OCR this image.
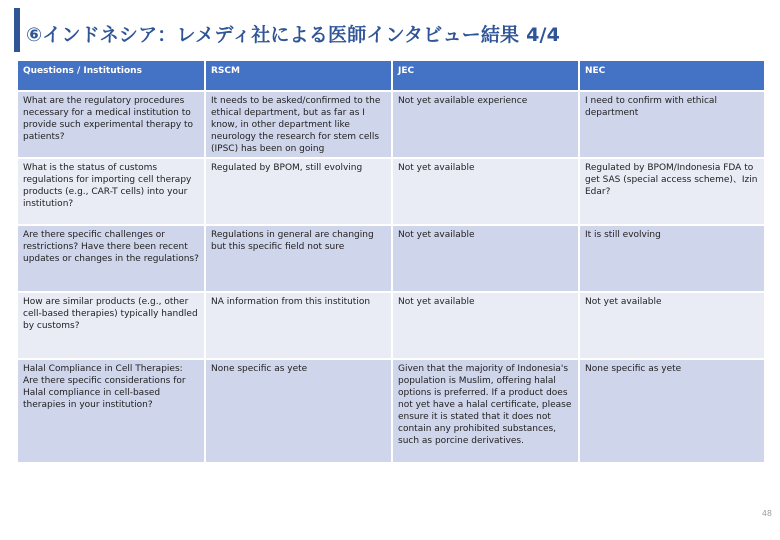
⑥インドネシア：レメディ社による医師インタビュー結果 4/4
Questions / Institutions	RSCM	JEC	NEC
What are the regulatory procedures necessary for a medical institution to provide such experimental therapy to patients?	It needs to be asked/confirmed to the ethical department, but as far as I know, in other department like neurology the research for stem cells (IPSC) has been on going	Not yet available experience	I need to confirm with ethical department
What is the status of customs regulations for importing cell therapy products (e.g., CAR-T cells) into your institution?	Regulated by BPOM, still evolving	Not yet available	Regulated by BPOM/Indonesia FDA to get SAS (special access scheme)、Izin Edar?
Are there specific challenges or restrictions? Have there been recent updates or changes in the regulations?	Regulations in general are changing but this specific field not sure	Not yet available	It is still evolving
How are similar products (e.g., other cell-based therapies) typically handled by customs?	NA information from this institution	Not yet available	Not yet available
Halal Compliance in Cell Therapies: Are there specific considerations for Halal compliance in cell-based therapies in your institution?	None specific as yete	Given that the majority of Indonesia's population is Muslim, offering halal options is preferred. If a product does not yet have a halal certificate, please ensure it is stated that it does not contain any prohibited substances, such as porcine derivatives.	None specific as yete
48
